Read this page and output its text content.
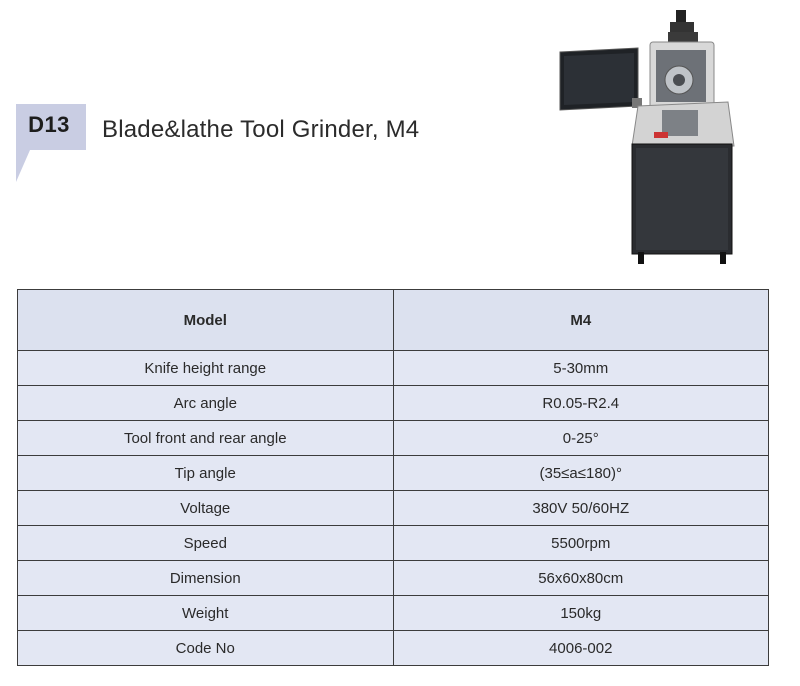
D13	Blade&lathe Tool Grinder, M4
Model	M4
Knife height range	5-30mm
Arc angle	R0.05-R2.4
Tool front and rear angle	0-25°
Tip angle	(35≤a≤180)°
Voltage	380V 50/60HZ
Speed	5500rpm
Dimension	56x60x80cm
Weight	150kg
Code No	4006-002
